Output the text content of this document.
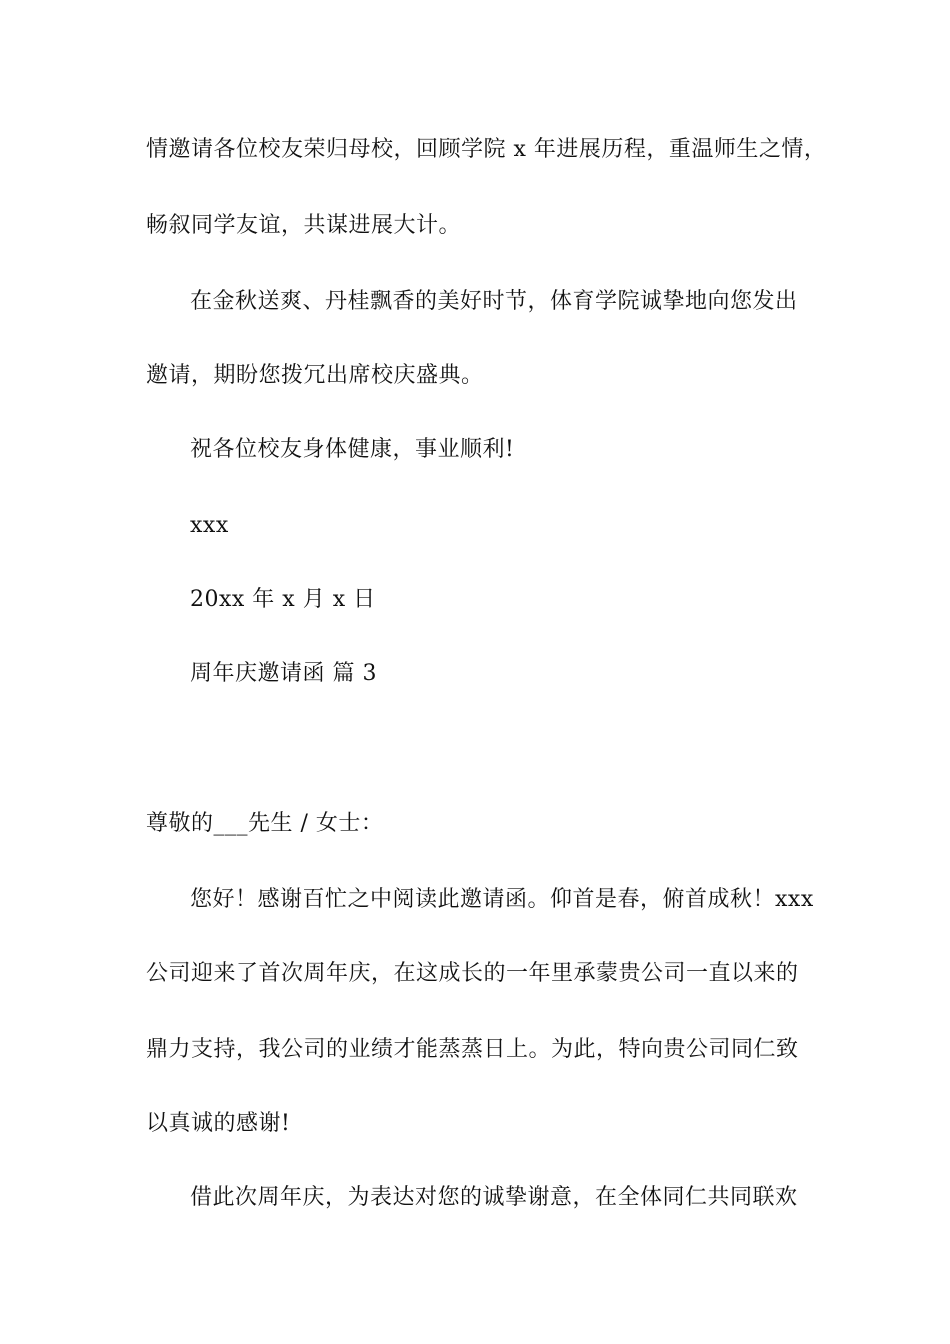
情邀请各位校友荣归母校，回顾学院 x 年进展历程，重温师生之情，
畅叙同学友谊，共谋进展大计。
在金秋送爽、丹桂飘香的美好时节，体育学院诚挚地向您发出
邀请，期盼您拨冗出席校庆盛典。
祝各位校友身体健康，事业顺利!
xxx
20xx 年 x 月 x 日
周年庆邀请函 篇 3
尊敬的___先生 / 女士：
您好！感谢百忙之中阅读此邀请函。仰首是春，俯首成秋！xxx
公司迎来了首次周年庆，在这成长的一年里承蒙贵公司一直以来的
鼎力支持，我公司的业绩才能蒸蒸日上。为此，特向贵公司同仁致
以真诚的感谢!
借此次周年庆，为表达对您的诚挚谢意，在全体同仁共同联欢
